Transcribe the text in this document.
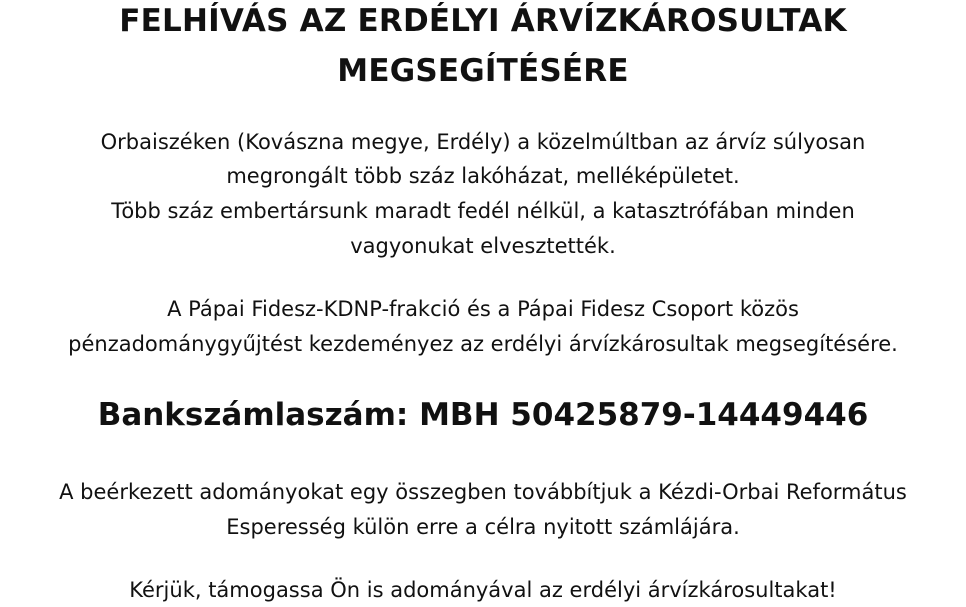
FELHÍVÁS AZ ERDÉLYI ÁRVÍZKÁROSULTAK
MEGSEGÍTÉSÉRE

Orbaiszéken (Kovászna megye, Erdély) a közelmúltban az árvíz súlyosan

megrongált több száz lakóházat, melléképületet.

Több száz embertársunk maradt fedél nélkül, a katasztrófában minden

vagyonukat elvesztették.

A Pápai Fidesz-KDNP-frakció és a Pápai Fidesz Csoport közös

pénzadománygyűjtést kezdeményez az erdélyi árvízkárosultak megsegítésére.

Bankszámlaszám: MBH 50425879-14449446

A beérkezett adományokat egy összegben továbbítjuk a Kézdi-Orbai Református

Esperesség külön erre a célra nyitott számlájára.

Kérjük, támogassa Ön is adományával az erdélyi árvízkárosultakat!
